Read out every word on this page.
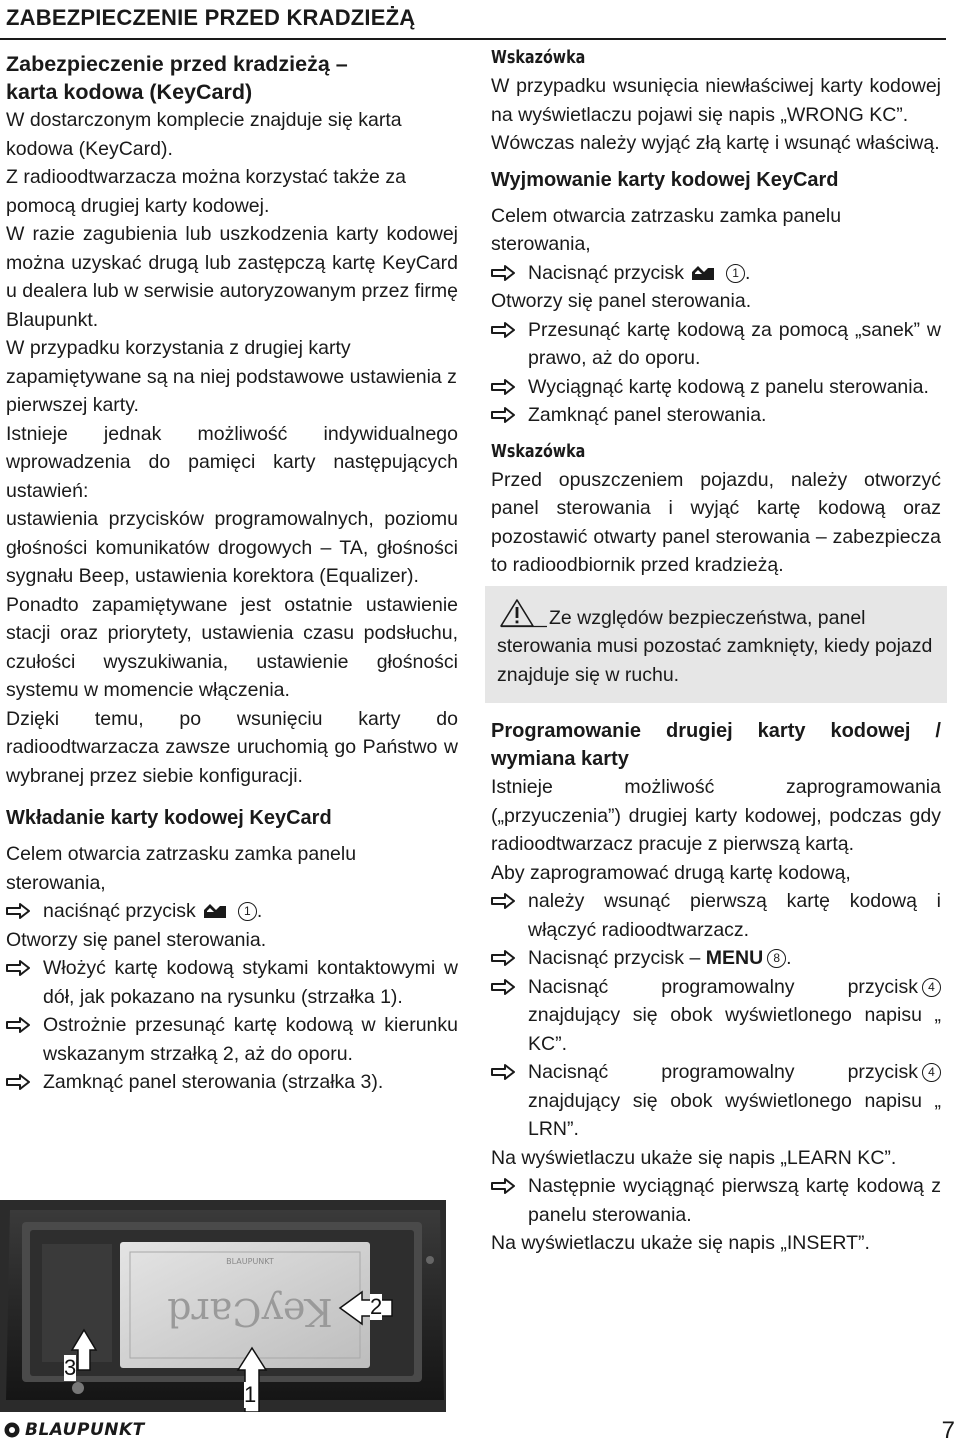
ZABEZPIECZENIE PRZED KRADZIEŻĄ

Zabezpieczenie przed kradzieżą –

karta kodowa (KeyCard)

W dostarczonym komplecie znajduje się karta kodowa (KeyCard).

Z radioodtwarzacza można korzystać także za pomocą drugiej karty kodowej.

W razie zagubienia lub uszkodzenia karty kodowej można uzyskać drugą lub zastępczą kartę KeyCard u dealera lub w serwisie autoryzowanym przez firmę Blaupunkt.

W przypadku korzystania z drugiej karty zapamiętywane są na niej podstawowe ustawienia z pierwszej karty.

Istnieje jednak możliwość indywidualnego wprowadzenia do pamięci karty następujących ustawień:

ustawienia przycisków programowalnych, poziomu głośności komunikatów drogowych – TA, głośności sygnału Beep, ustawienia korektora (Equalizer).

Ponadto zapamiętywane jest ostatnie ustawienie stacji oraz priorytety, ustawienia czasu podsłuchu, czułości wyszukiwania, ustawienie głośności systemu w momencie włączenia.

Dzięki temu, po wsunięciu karty do radioodtwarzacza zawsze uruchomią go Państwo w wybranej przez siebie konfiguracji.

Wkładanie karty kodowej KeyCard

Celem otwarcia zatrzasku zamka panelu sterowania,

naciśnąć przycisk	1 .

Otworzy się panel sterowania.

Włożyć kartę kodową stykami kontaktowymi w dół, jak pokazano na rysunku (strzałka 1).
Ostrożnie przesunąć kartę kodową w kierunku wskazanym strzałką 2, aż do oporu.
Zamknąć panel sterowania (strzałka 3).
KeyCard
BLAUPUNKT
3
2
1

Wskazówka

W przypadku wsunięcia niewłaściwej karty kodowej na wyświetlaczu pojawi się napis „WRONG KC”.

Wówczas należy wyjąć złą kartę i wsunąć właściwą.

Wyjmowanie karty kodowej KeyCard

Celem otwarcia zatrzasku zamka panelu sterowania,

Nacisnąć przycisk	1 .

Otworzy się panel sterowania.

Przesunąć kartę kodową za pomocą „sanek” w prawo, aż do oporu.
Wyciągnąć kartę kodową z panelu sterowania.
Zamknąć panel sterowania.

Wskazówka

Przed opuszczeniem pojazdu, należy otworzyć panel sterowania i wyjąć kartę kodową oraz pozostawić otwarty panel sterowania – zabezpiecza to radioodbiornik przed kradzieżą.

Ze względów bezpieczeństwa, panel sterowania musi pozostać zamknięty, kiedy pojazd znajduje się w ruchu.

Programowanie drugiej karty kodowej / wymiana karty

Istnieje możliwość zaprogramowania („przyuczenia”) drugiej karty kodowej, podczas gdy radioodtwarzacz pracuje z pierwszą kartą.

Aby zaprogramować drugą kartę kodową,

należy wsunąć pierwszą kartę kodową i włączyć radioodtwarzacz.
Nacisnąć przycisk – MENU 8 .
Nacisnąć programowalny przycisk 4 znajdujący się obok wyświetlonego napisu „ KC”.
Nacisnąć programowalny przycisk 4 znajdujący się obok wyświetlonego napisu „ LRN”.

Na wyświetlaczu ukaże się napis „LEARN KC”.

Następnie wyciągnąć pierwszą kartę kodową z panelu sterowania.

Na wyświetlaczu ukaże się napis „INSERT”.

BLAUPUNKT	7
